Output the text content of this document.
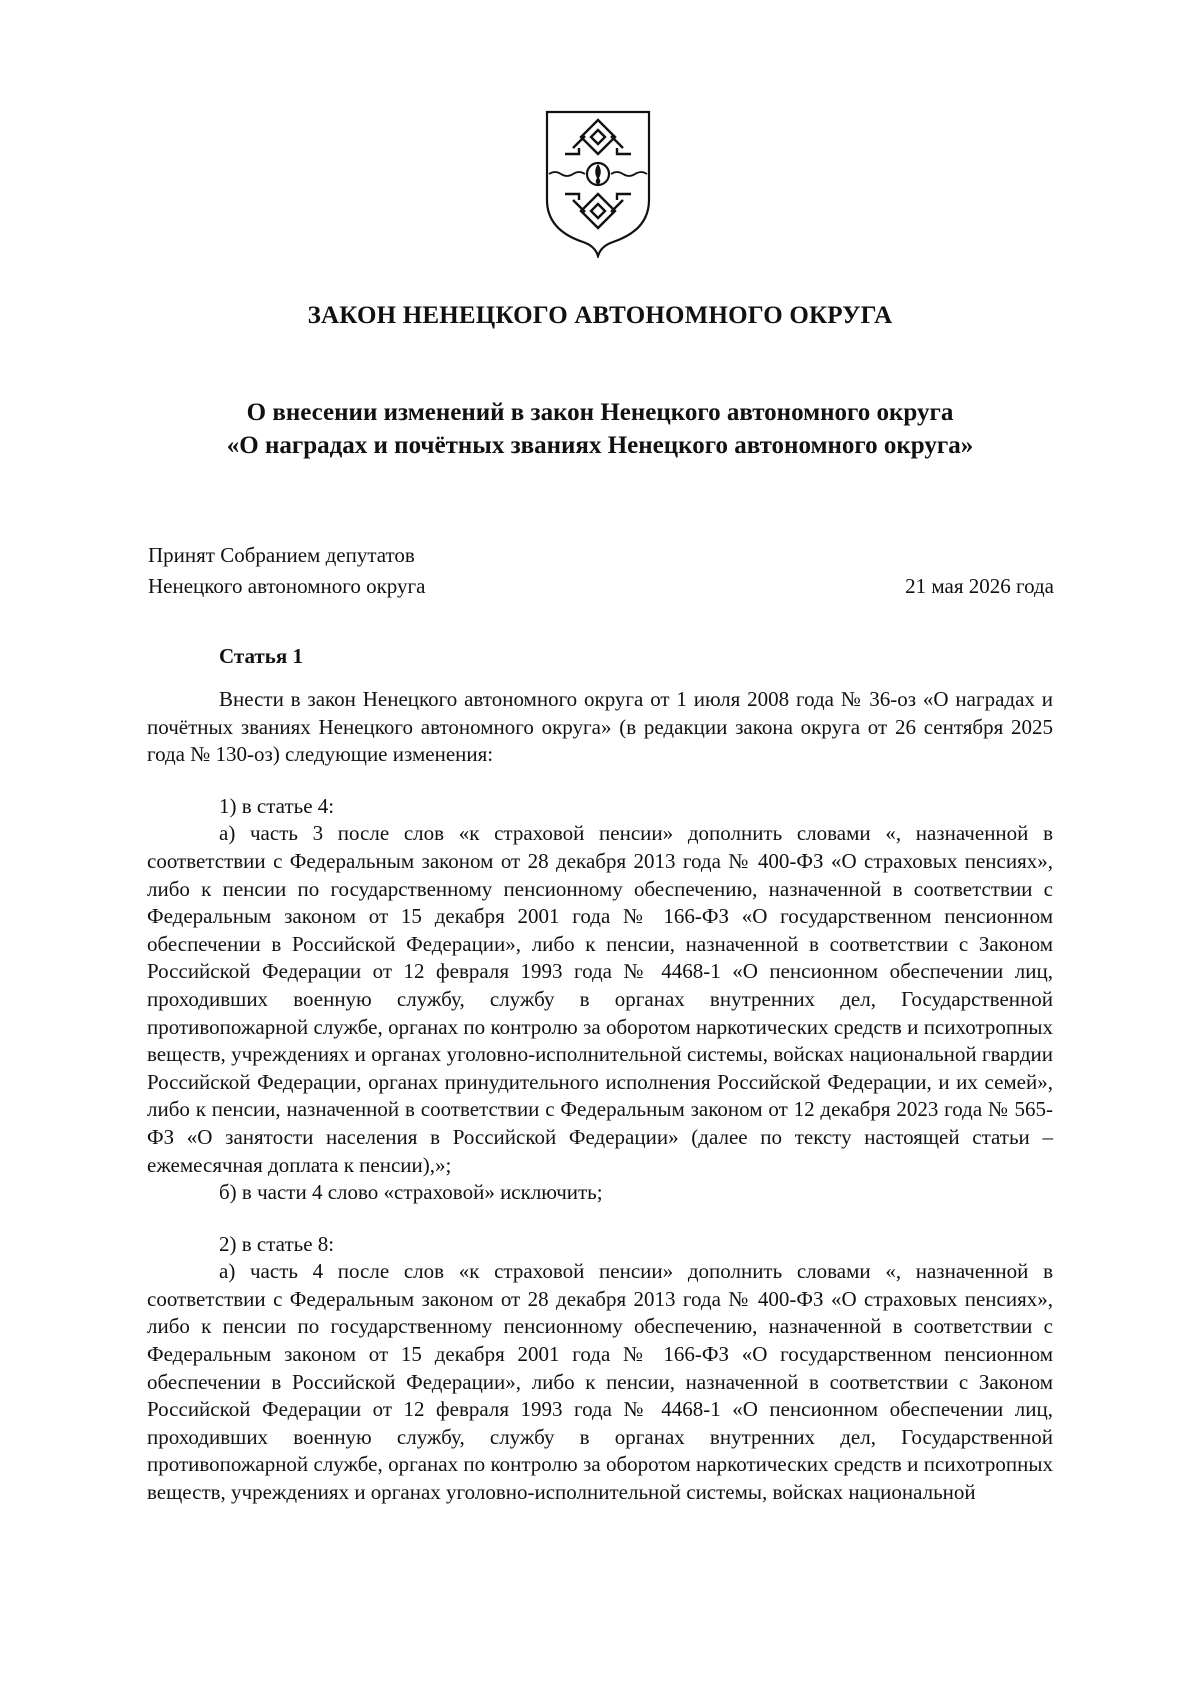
ЗАКОН НЕНЕЦКОГО АВТОНОМНОГО ОКРУГА
О внесении изменений в закон Ненецкого автономного округа
«О наградах и почётных званиях Ненецкого автономного округа»
Принят Собранием депутатов
Ненецкого автономного округа	21 мая 2026 года
Статья 1

Внести в закон Ненецкого автономного округа от 1 июля 2008 года № 36-оз «О наградах и почётных званиях Ненецкого автономного округа» (в редакции закона округа от 26 сентября 2025 года № 130-оз) следующие изменения:

1) в статье 4:

а) часть 3 после слов «к страховой пенсии» дополнить словами «, назначенной в соответствии с Федеральным законом от 28 декабря 2013 года № 400-ФЗ «О страховых пенсиях», либо к пенсии по государственному пенсионному обеспечению, назначенной в соответствии с Федеральным законом от 15 декабря 2001 года № 166-ФЗ «О государственном пенсионном обеспечении в Российской Федерации», либо к пенсии, назначенной в соответствии с Законом Российской Федерации от 12 февраля 1993 года № 4468-1 «О пенсионном обеспечении лиц, проходивших военную службу, службу в органах внутренних дел, Государственной противопожарной службе, органах по контролю за оборотом наркотических средств и психотропных веществ, учреждениях и органах уголовно-исполнительной системы, войсках национальной гвардии Российской Федерации, органах принудительного исполнения Российской Федерации, и их семей», либо к пенсии, назначенной в соответствии с Федеральным законом от 12 декабря 2023 года № 565-ФЗ «О занятости населения в Российской Федерации» (далее по тексту настоящей статьи – ежемесячная доплата к пенсии),»;

б) в части 4 слово «страховой» исключить;

2) в статье 8:

а) часть 4 после слов «к страховой пенсии» дополнить словами «, назначенной в соответствии с Федеральным законом от 28 декабря 2013 года № 400-ФЗ «О страховых пенсиях», либо к пенсии по государственному пенсионному обеспечению, назначенной в соответствии с Федеральным законом от 15 декабря 2001 года № 166-ФЗ «О государственном пенсионном обеспечении в Российской Федерации», либо к пенсии, назначенной в соответствии с Законом Российской Федерации от 12 февраля 1993 года № 4468-1 «О пенсионном обеспечении лиц, проходивших военную службу, службу в органах внутренних дел, Государственной противопожарной службе, органах по контролю за оборотом наркотических средств и психотропных веществ, учреждениях и органах уголовно-исполнительной системы, войсках национальной
